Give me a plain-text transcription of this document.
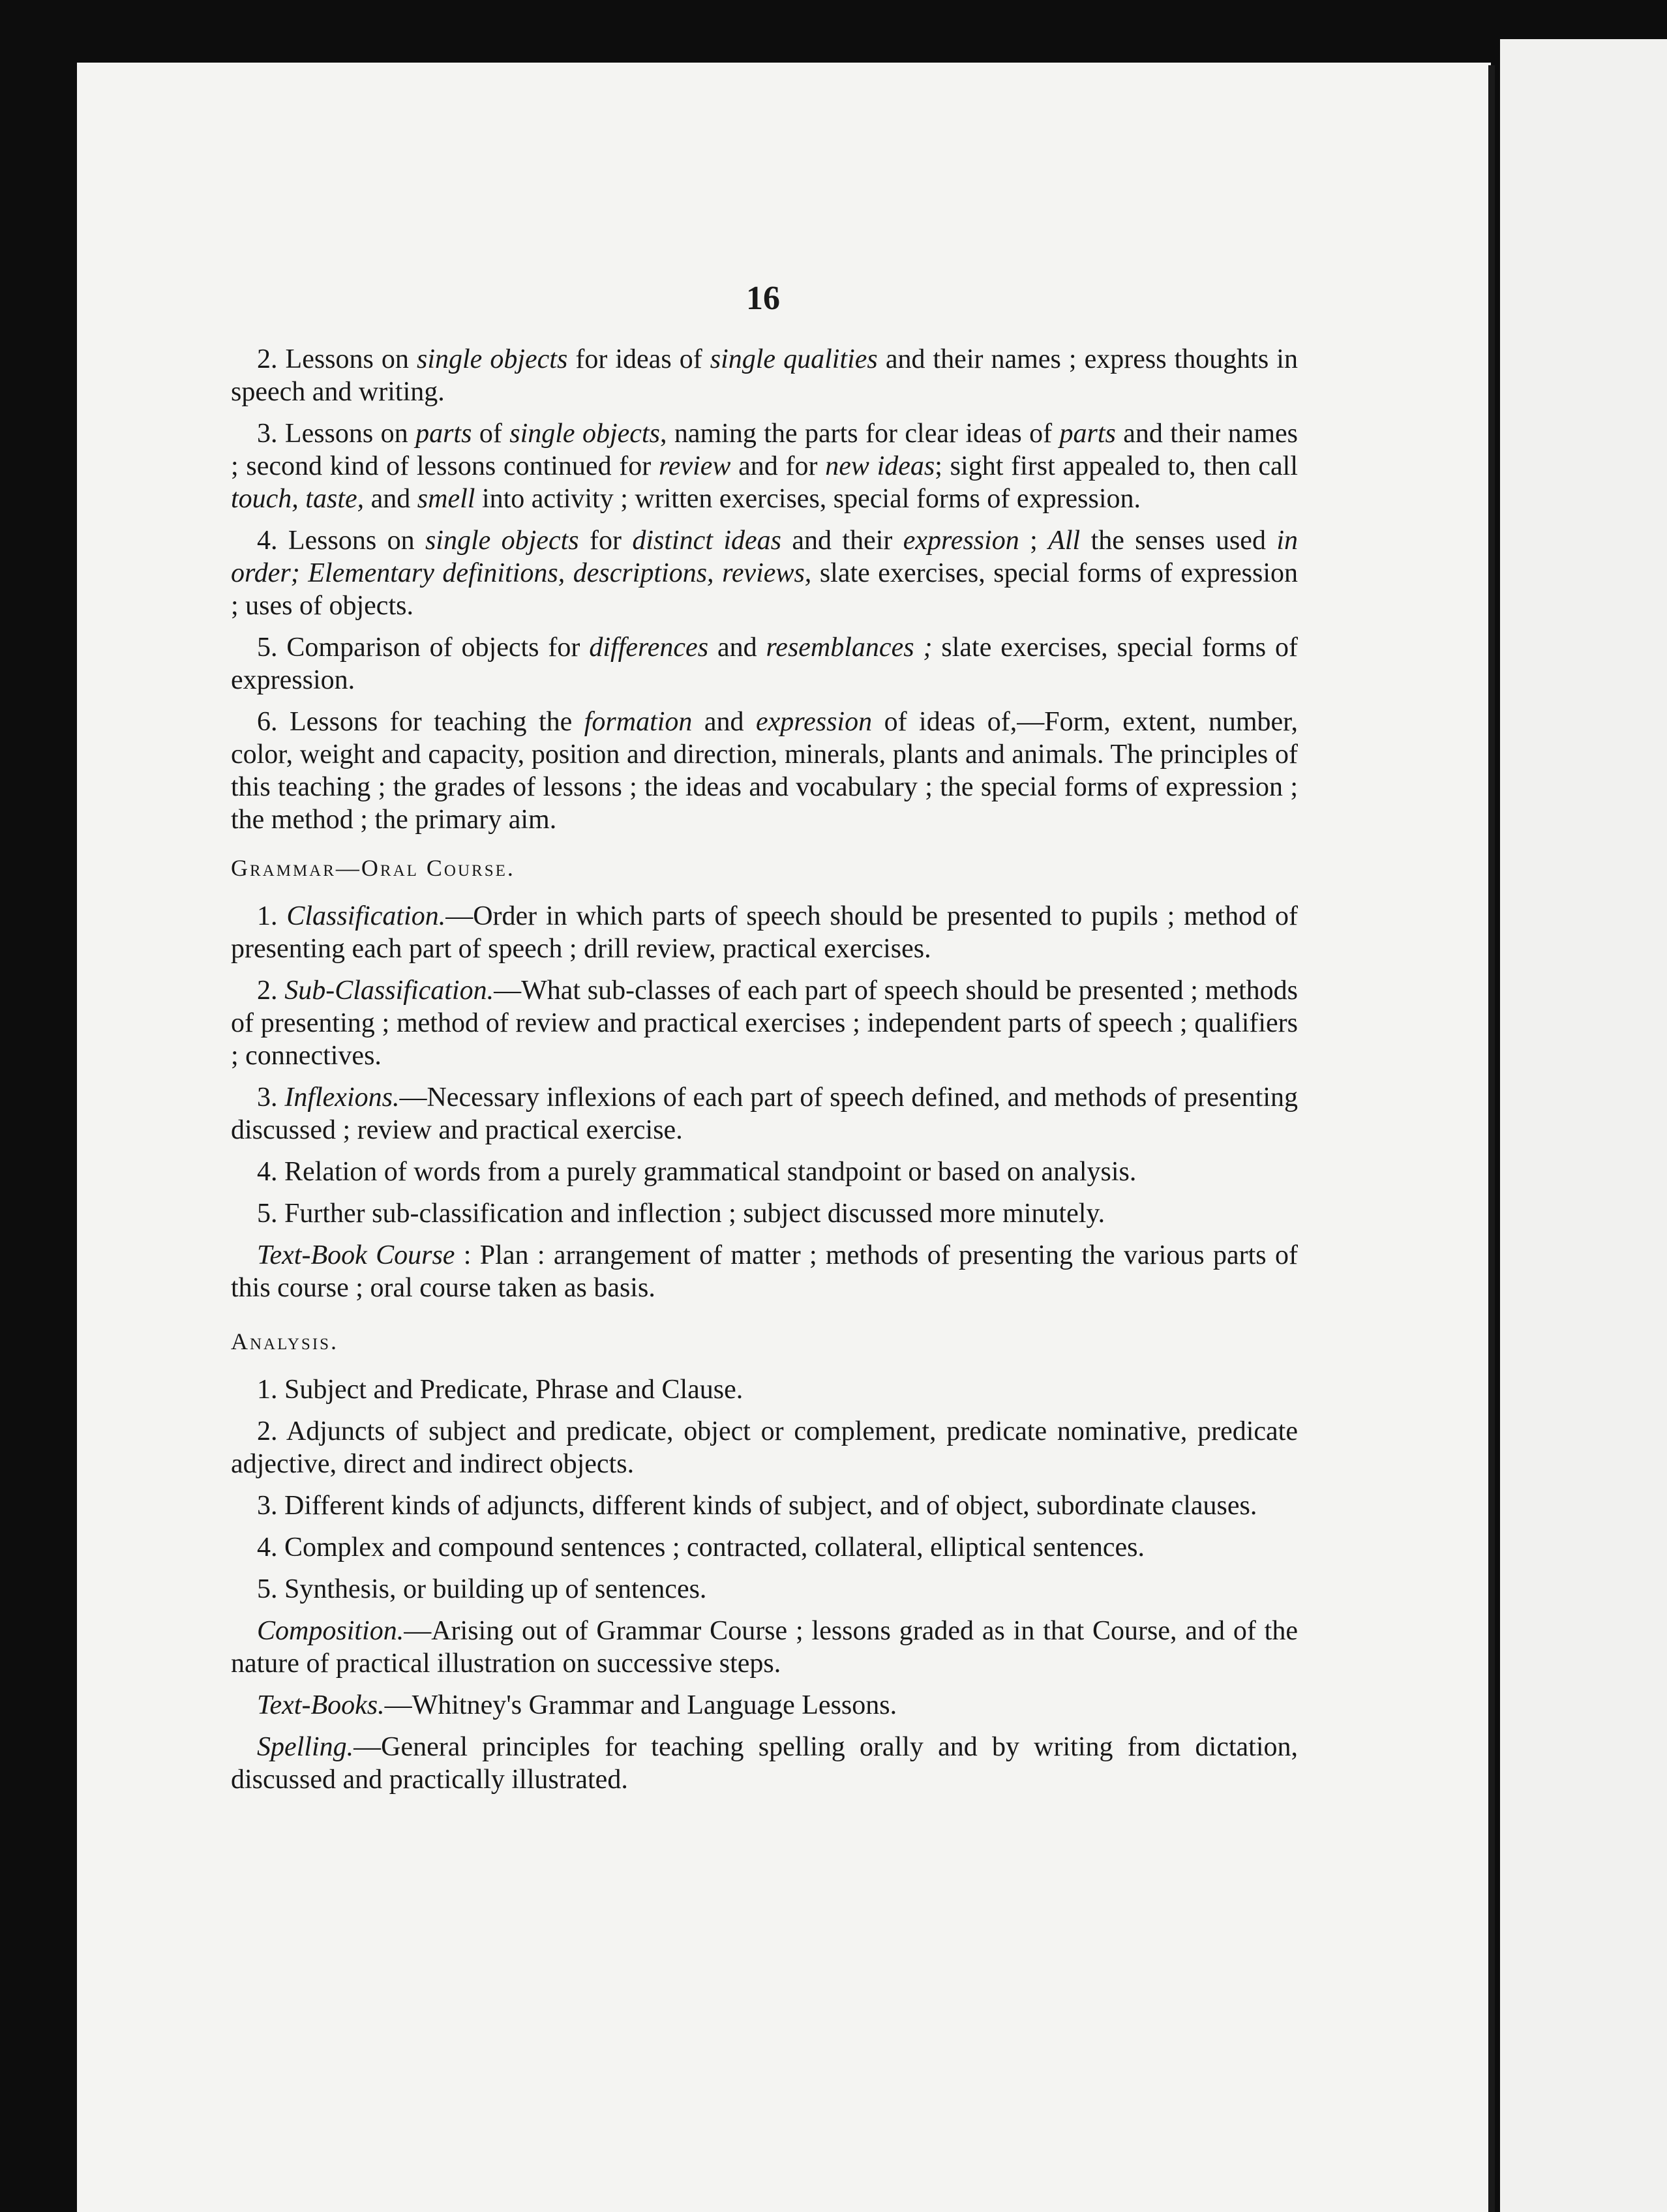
16

2. Lessons on single objects for ideas of single qualities and their names ; express thoughts in speech and writing.

3. Lessons on parts of single objects, naming the parts for clear ideas of parts and their names ; second kind of lessons continued for review and for new ideas; sight first appealed to, then call touch, taste, and smell into activity ; written exercises, special forms of expression.

4. Lessons on single objects for distinct ideas and their expression ; All the senses used in order; Elementary definitions, descriptions, reviews, slate exercises, special forms of expression ; uses of objects.

5. Comparison of objects for differences and resemblances ; slate exercises, special forms of expression.

6. Lessons for teaching the formation and expression of ideas of,—Form, extent, number, color, weight and capacity, position and direction, minerals, plants and animals. The principles of this teaching ; the grades of lessons ; the ideas and vocabulary ; the special forms of expression ; the method ; the primary aim.

Grammar—Oral Course.

1. Classification.—Order in which parts of speech should be presented to pupils ; method of presenting each part of speech ; drill review, practical exercises.

2. Sub-Classification.—What sub-classes of each part of speech should be presented ; methods of presenting ; method of review and practical exercises ; independent parts of speech ; qualifiers ; connectives.

3. Inflexions.—Necessary inflexions of each part of speech defined, and methods of presenting discussed ; review and practical exercise.

4. Relation of words from a purely grammatical standpoint or based on analysis.

5. Further sub-classification and inflection ; subject discussed more minutely.

Text-Book Course : Plan : arrangement of matter ; methods of presenting the various parts of this course ; oral course taken as basis.

Analysis.

1. Subject and Predicate, Phrase and Clause.

2. Adjuncts of subject and predicate, object or complement, predicate nominative, predicate adjective, direct and indirect objects.

3. Different kinds of adjuncts, different kinds of subject, and of object, subordinate clauses.

4. Complex and compound sentences ; contracted, collateral, elliptical sentences.

5. Synthesis, or building up of sentences.

Composition.—Arising out of Grammar Course ; lessons graded as in that Course, and of the nature of practical illustration on successive steps.

Text-Books.—Whitney's Grammar and Language Lessons.

Spelling.—General principles for teaching spelling orally and by writing from dictation, discussed and practically illustrated.
